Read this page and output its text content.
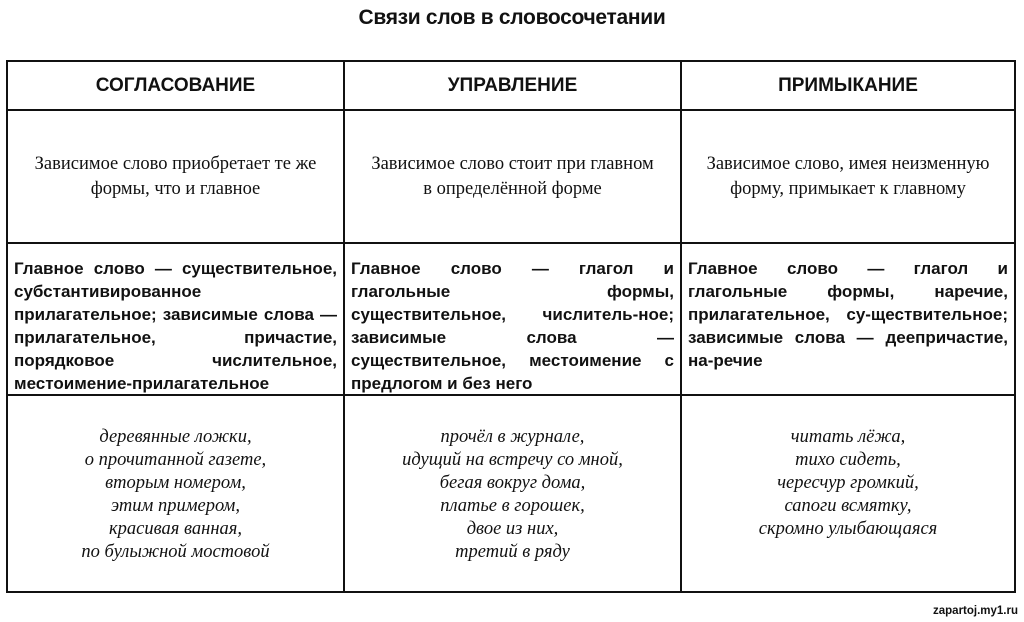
Связи слов в словосочетании
СОГЛАСОВАНИЕ	УПРАВЛЕНИЕ	ПРИМЫКАНИЕ
Зависимое слово приобретает те же формы, что и главное
Зависимое слово стоит при главном в определённой форме
Зависимое слово, имея неизменную форму, примыкает к главному
Главное слово — существительное, субстантивированное прилагательное; зависимые слова — прилагательное, причастие, порядковое числительное, местоимение-прилагательное
Главное слово — глагол и глагольные формы, существительное, числитель-ное; зависимые слова — существительное, местоимение с предлогом и без него
Главное слово — глагол и глагольные формы, наречие, прилагательное, су-ществительное; зависимые слова — деепричастие, на-речие
деревянные ложки,
о прочитанной газете,
вторым номером,
этим примером,
красивая ванная,
по булыжной мостовой
прочёл в журнале,
идущий на встречу со мной,
бегая вокруг дома,
платье в горошек,
двое из них,
третий в ряду
читать лёжа,
тихо сидеть,
чересчур громкий,
сапоги всмятку,
скромно улыбающаяся
zapartoj.my1.ru
